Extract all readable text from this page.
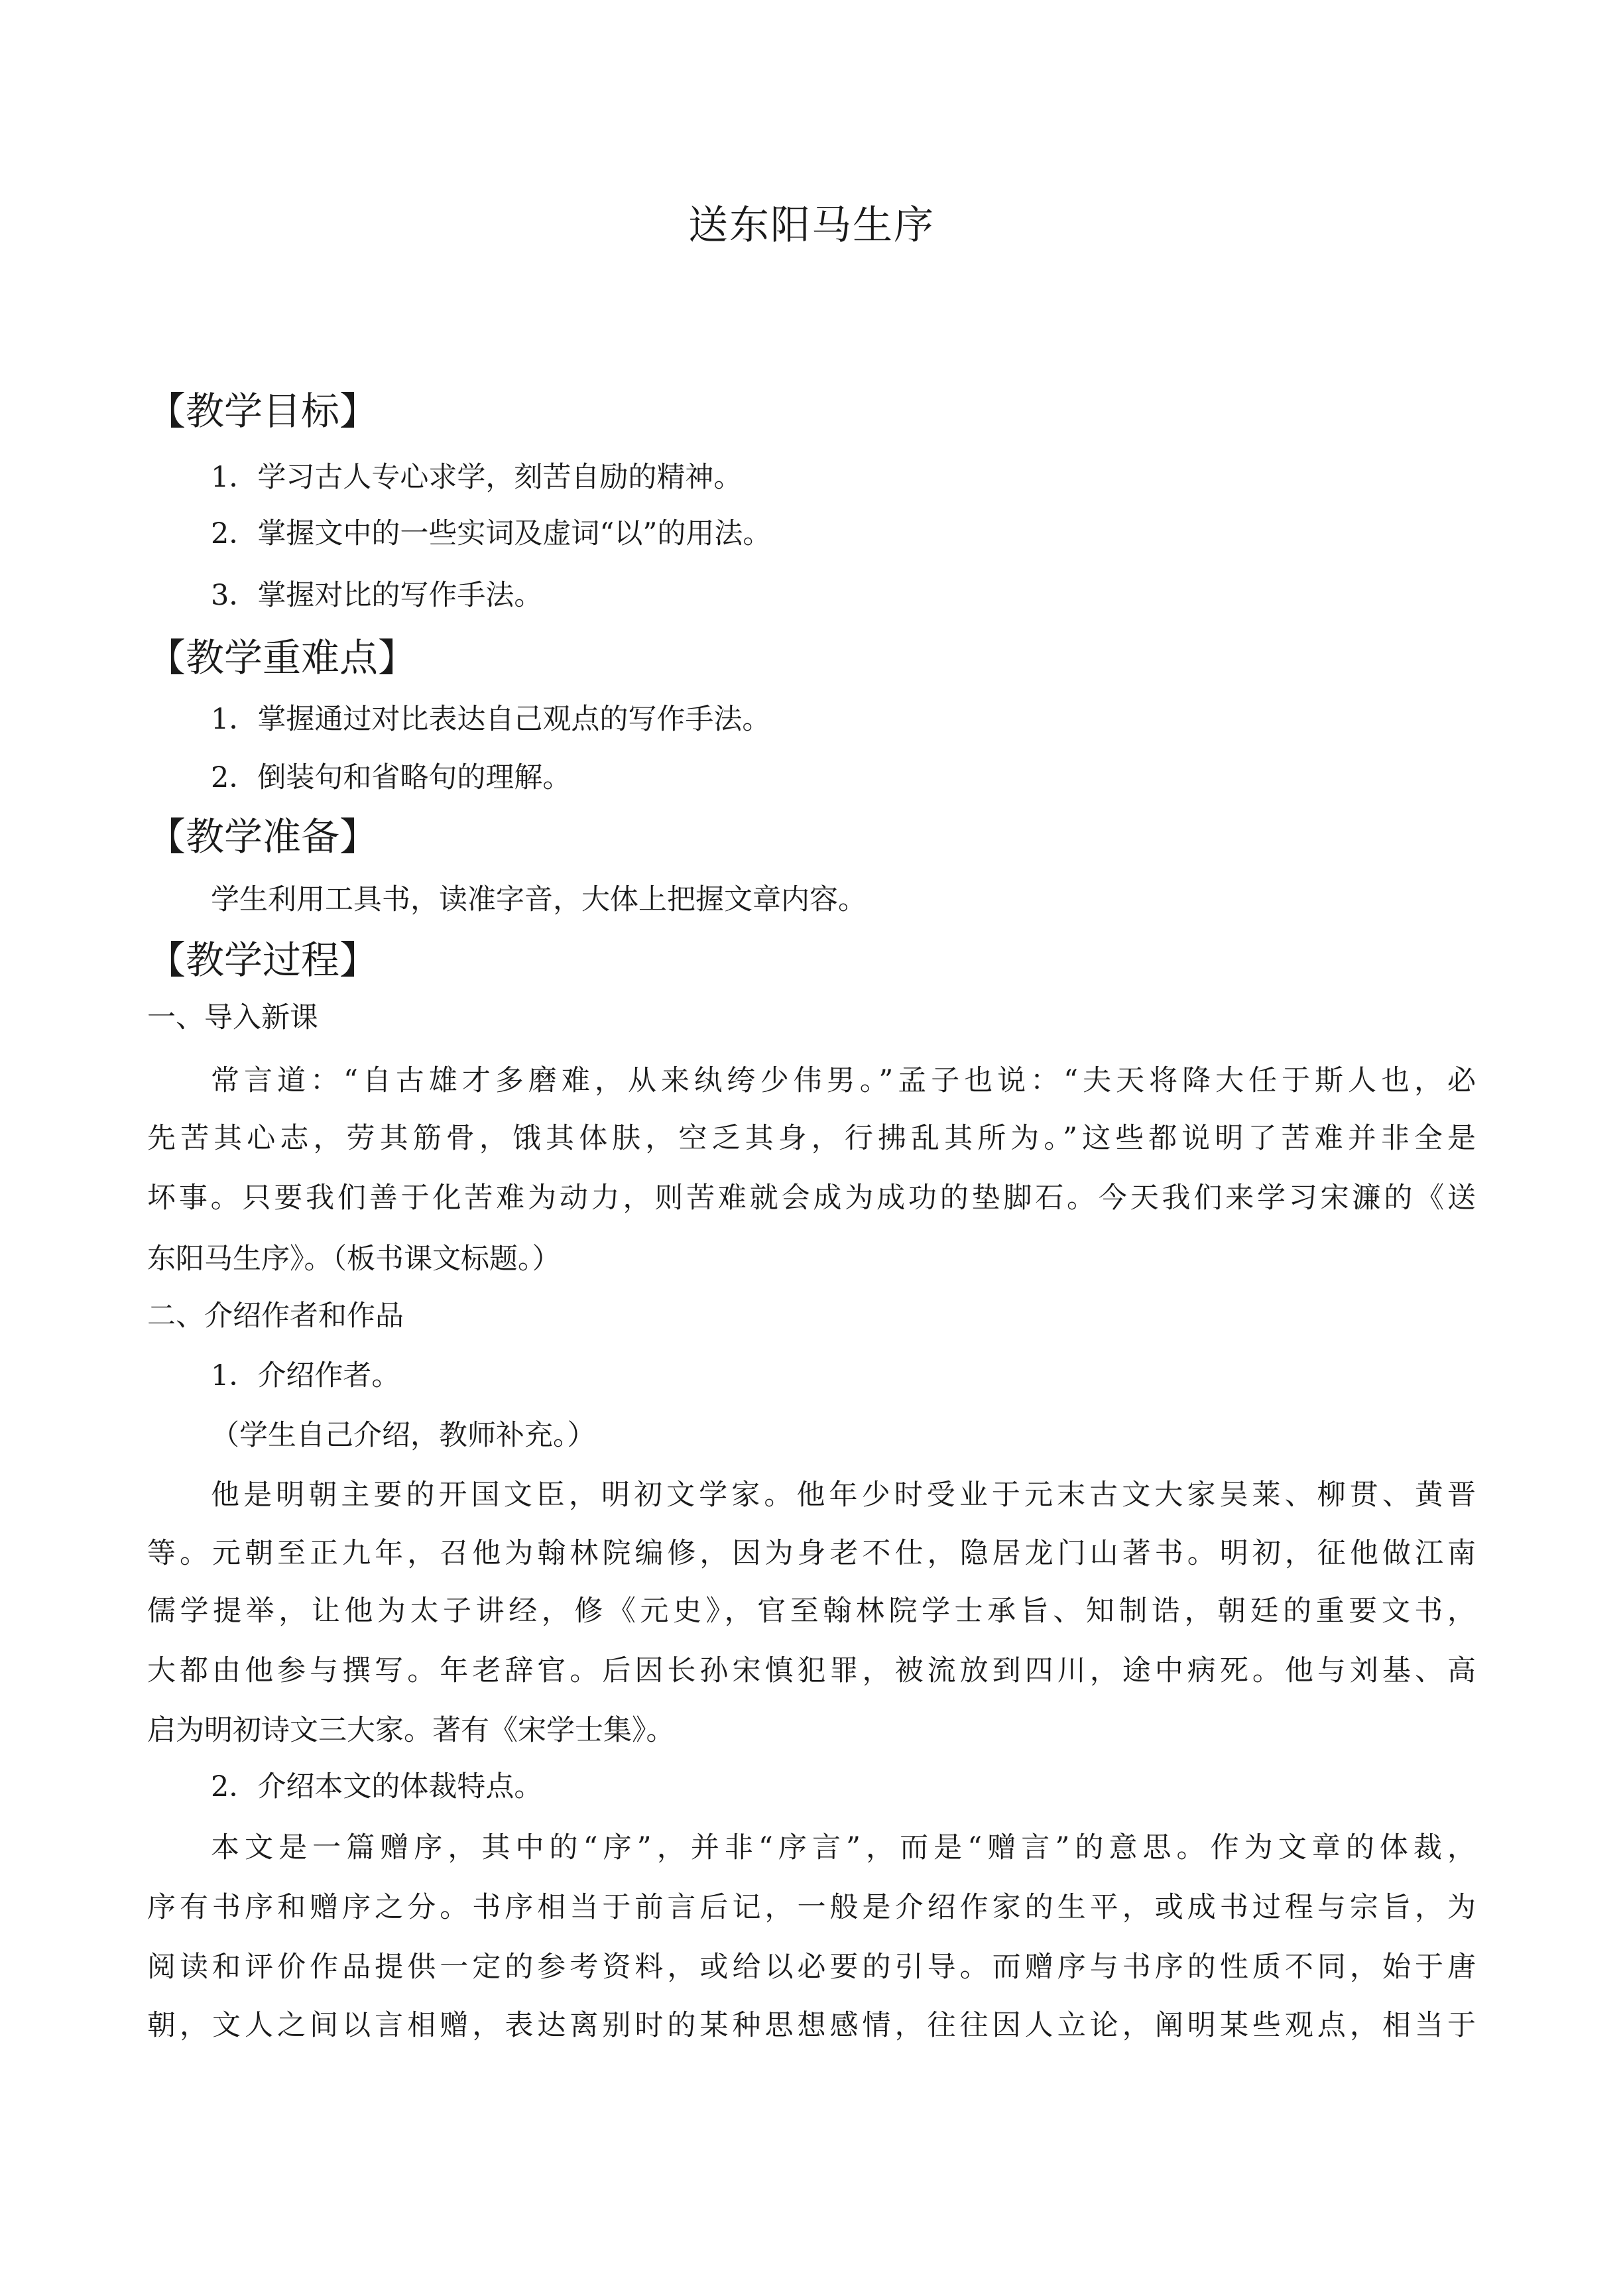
送东阳马生序
【教学目标】
1．学习古人专心求学，刻苦自励的精神。
2．掌握文中的一些实词及虚词“以”的用法。
3．掌握对比的写作手法。
【教学重难点】
1．掌握通过对比表达自己观点的写作手法。
2．倒装句和省略句的理解。
【教学准备】
学生利用工具书，读准字音，大体上把握文章内容。
【教学过程】
一、导入新课
常言道：“自古雄才多磨难，从来纨绔少伟男。”孟子也说：“夫天将降大任于斯人也，必
先苦其心志，劳其筋骨，饿其体肤，空乏其身，行拂乱其所为。”这些都说明了苦难并非全是
坏事。只要我们善于化苦难为动力，则苦难就会成为成功的垫脚石。今天我们来学习宋濂的《送
东阳马生序》。（板书课文标题。）
二、介绍作者和作品
1．介绍作者。
（学生自己介绍，教师补充。）
他是明朝主要的开国文臣，明初文学家。他年少时受业于元末古文大家吴莱、柳贯、黄晋
等。元朝至正九年，召他为翰林院编修，因为身老不仕，隐居龙门山著书。明初，征他做江南
儒学提举，让他为太子讲经，修《元史》，官至翰林院学士承旨、知制诰，朝廷的重要文书，
大都由他参与撰写。年老辞官。后因长孙宋慎犯罪，被流放到四川，途中病死。他与刘基、高
启为明初诗文三大家。著有《宋学士集》。
2．介绍本文的体裁特点。
本文是一篇赠序，其中的“序”，并非“序言”，而是“赠言”的意思。作为文章的体裁，
序有书序和赠序之分。书序相当于前言后记，一般是介绍作家的生平，或成书过程与宗旨，为
阅读和评价作品提供一定的参考资料，或给以必要的引导。而赠序与书序的性质不同，始于唐
朝，文人之间以言相赠，表达离别时的某种思想感情，往往因人立论，阐明某些观点，相当于
